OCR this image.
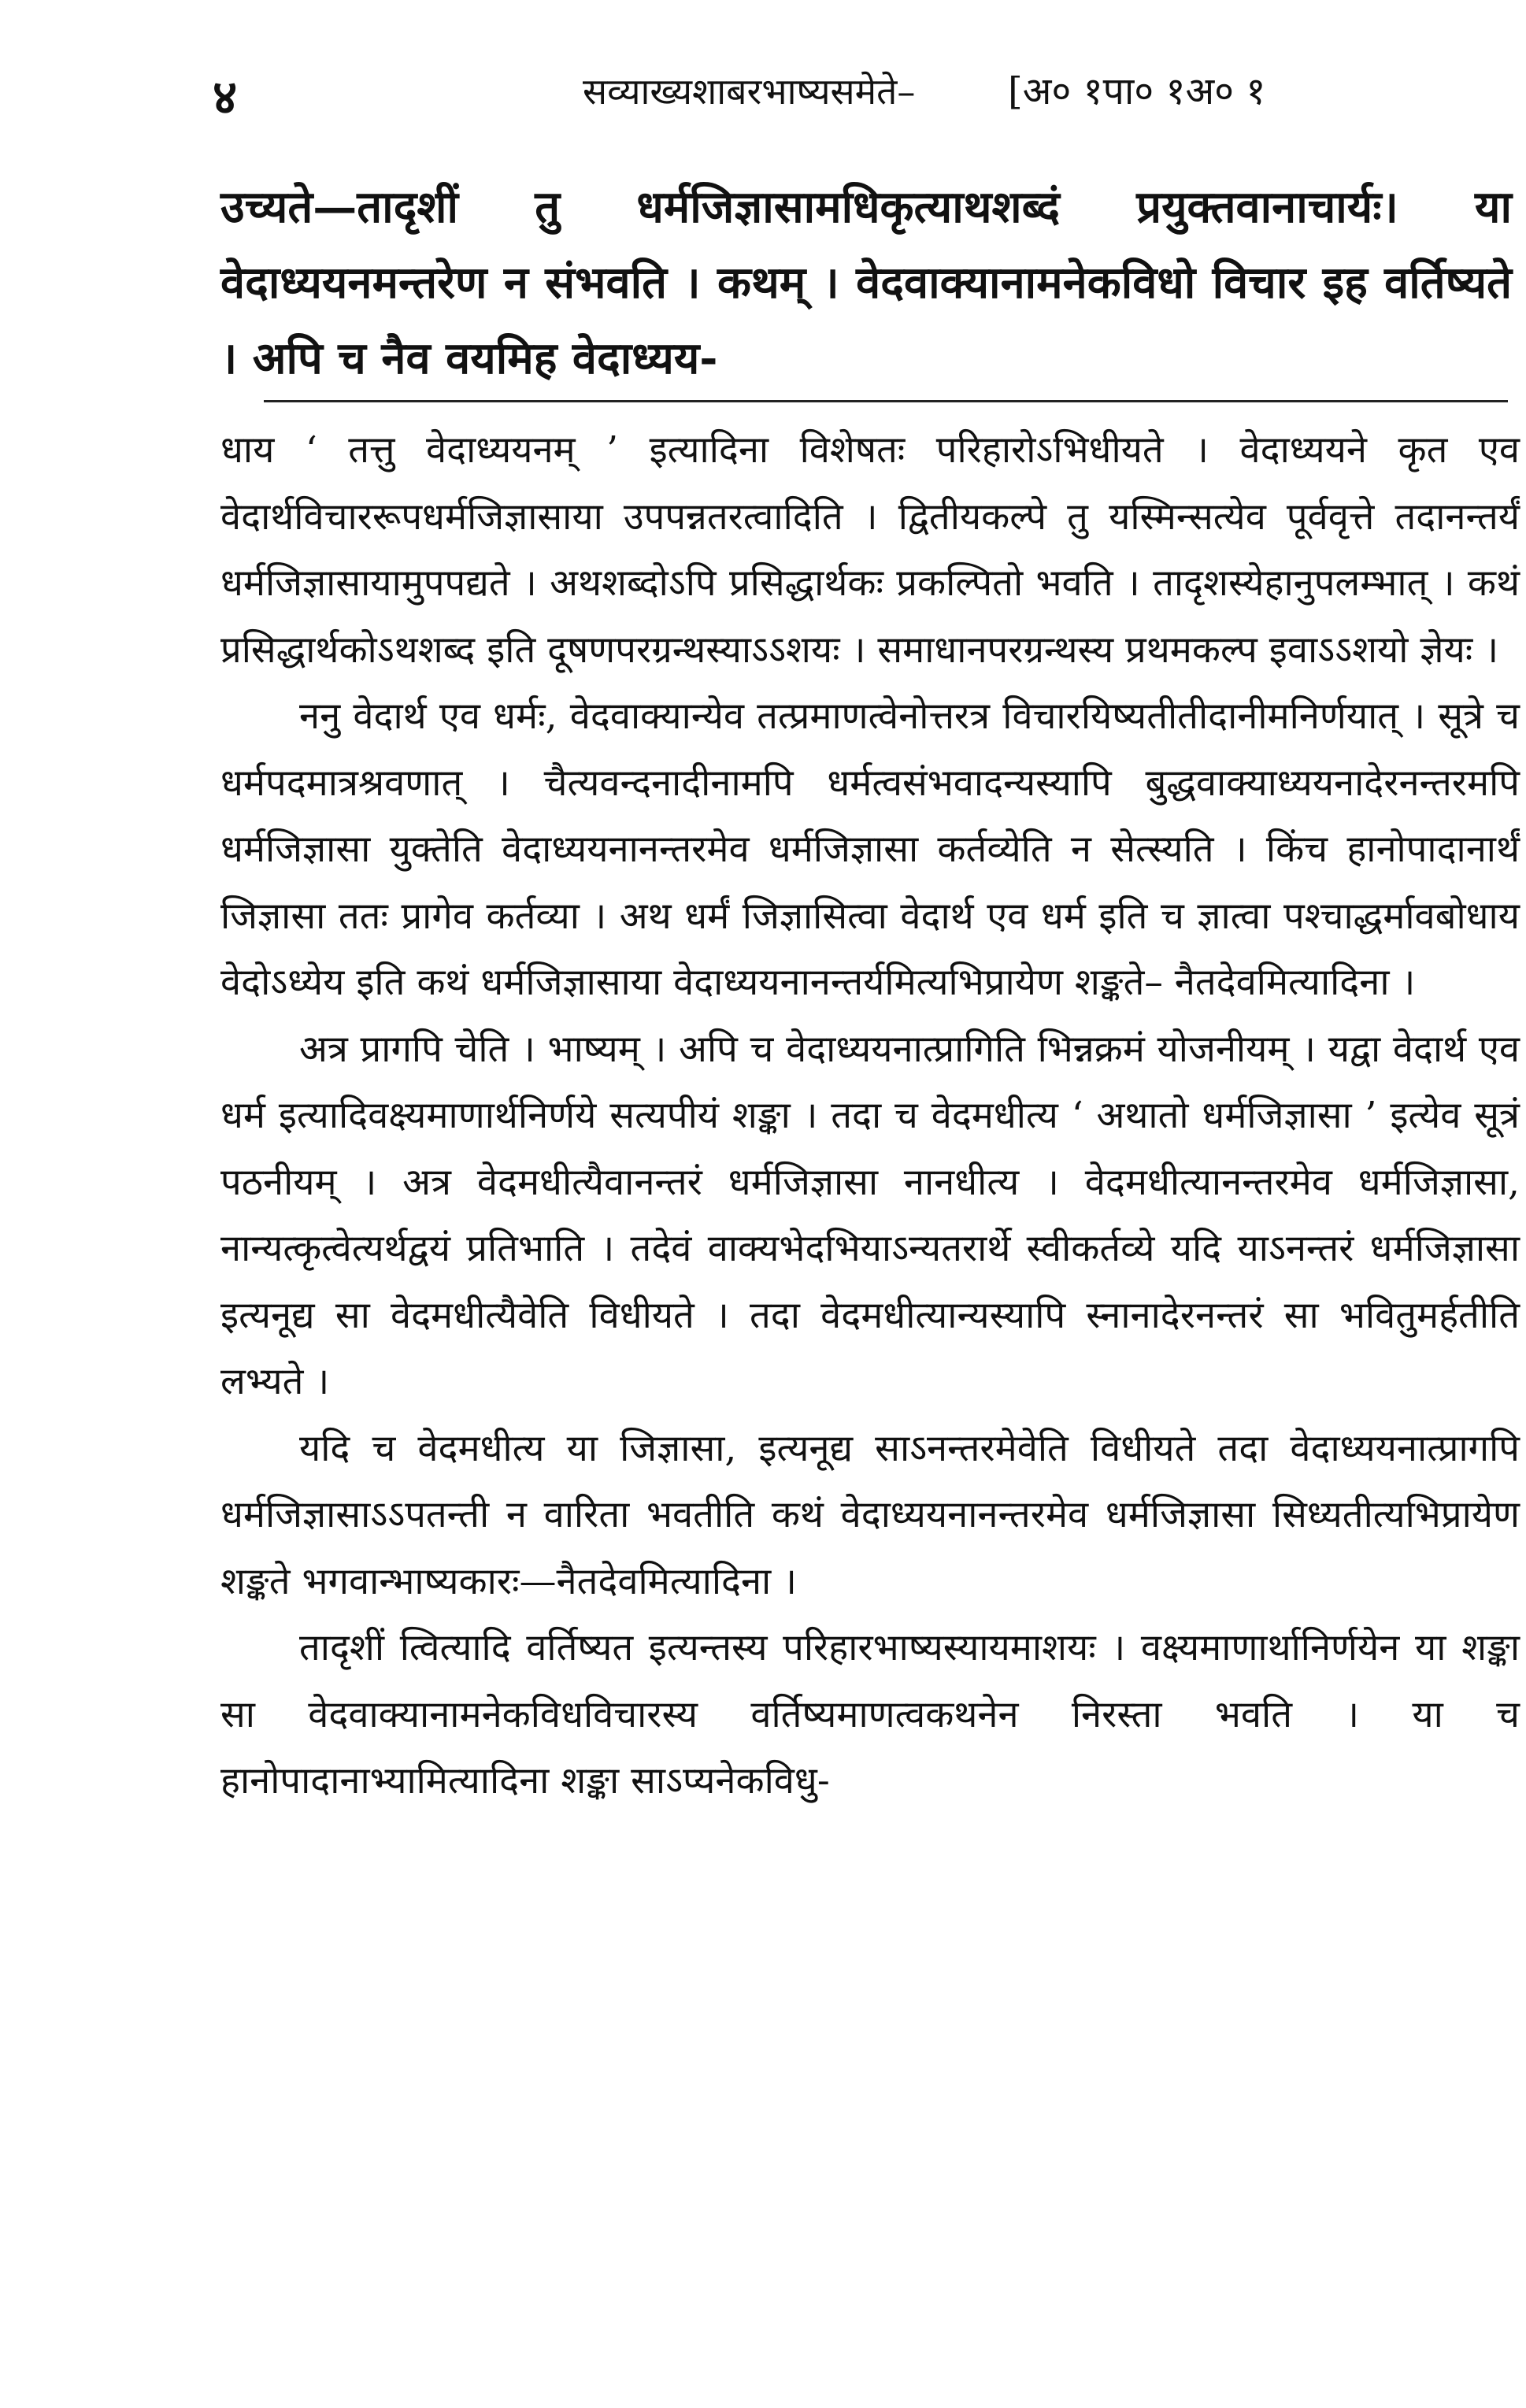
४	सव्याख्यशाबरभाष्यसमेते– [अ० १पा० १अ० १

उच्यते—तादृशीं तु धर्मजिज्ञासामधिकृत्याथशब्दं प्रयुक्तवानाचार्यः। या वेदाध्ययनमन्तरेण न संभवति । कथम् । वेदवाक्यानामनेकविधो विचार इह वर्तिष्यते । अपि च नैव वयमिह वेदाध्यय-

धाय ‘ तत्तु वेदाध्ययनम् ’ इत्यादिना विशेषतः परिहारोऽभिधीयते । वेदाध्ययने कृत एव वेदार्थविचाररूपधर्मजिज्ञासाया उपपन्नतरत्वादिति । द्वितीयकल्पे तु यस्मिन्सत्येव पूर्ववृत्ते तदानन्तर्यं धर्मजिज्ञासायामुपपद्यते । अथशब्दोऽपि प्रसिद्धार्थकः प्रकल्पितो भवति । तादृशस्येहानुपलम्भात् । कथं प्रसिद्धार्थकोऽथशब्द इति दूषणपरग्रन्थस्याऽऽशयः । समाधानपरग्रन्थस्य प्रथमकल्प इवाऽऽशयो ज्ञेयः ।

ननु वेदार्थ एव धर्मः, वेदवाक्यान्येव तत्प्रमाणत्वेनोत्तरत्र विचारयिष्यतीतीदानीमनिर्णयात् । सूत्रे च धर्मपदमात्रश्रवणात् । चैत्यवन्दनादीनामपि धर्मत्वसंभवादन्यस्यापि बुद्धवाक्याध्ययनादेरनन्तरमपि धर्मजिज्ञासा युक्तेति वेदाध्ययनानन्तरमेव धर्मजिज्ञासा कर्तव्येति न सेत्स्यति । किंच हानोपादानार्थं जिज्ञासा ततः प्रागेव कर्तव्या । अथ धर्मं जिज्ञासित्वा वेदार्थ एव धर्म इति च ज्ञात्वा पश्चाद्धर्मावबोधाय वेदोऽध्येय इति कथं धर्मजिज्ञासाया वेदाध्ययनानन्तर्यमित्यभिप्रायेण शङ्कते– नैतदेवमित्यादिना ।

अत्र प्रागपि चेति । भाष्यम् । अपि च वेदाध्ययनात्प्रागिति भिन्नक्रमं योजनीयम् । यद्वा वेदार्थ एव धर्म इत्यादिवक्ष्यमाणार्थनिर्णये सत्यपीयं शङ्का । तदा च वेदमधीत्य ‘ अथातो धर्मजिज्ञासा ’ इत्येव सूत्रं पठनीयम् । अत्र वेदमधीत्यैवानन्तरं धर्मजिज्ञासा नानधीत्य । वेदमधीत्यानन्तरमेव धर्मजिज्ञासा, नान्यत्कृत्वेत्यर्थद्वयं प्रतिभाति । तदेवं वाक्यभेदभियाऽन्यतरार्थे स्वीकर्तव्ये यदि याऽनन्तरं धर्मजिज्ञासा इत्यनूद्य सा वेदमधीत्यैवेति विधीयते । तदा वेदमधीत्यान्यस्यापि स्नानादेरनन्तरं सा भवितुमर्हतीति लभ्यते ।

यदि च वेदमधीत्य या जिज्ञासा, इत्यनूद्य साऽनन्तरमेवेति विधीयते तदा वेदाध्ययनात्प्रागपि धर्मजिज्ञासाऽऽपतन्ती न वारिता भवतीति कथं वेदाध्ययनानन्तरमेव धर्मजिज्ञासा सिध्यतीत्यभिप्रायेण शङ्कते भगवान्भाष्यकारः—नैतदेवमित्यादिना ।

तादृशीं त्वित्यादि वर्तिष्यत इत्यन्तस्य परिहारभाष्यस्यायमाशयः । वक्ष्यमाणार्थानिर्णयेन या शङ्का सा वेदवाक्यानामनेकविधविचारस्य वर्तिष्यमाणत्वकथनेन निरस्ता भवति । या च हानोपादानाभ्यामित्यादिना शङ्का साऽप्यनेकविधु-
